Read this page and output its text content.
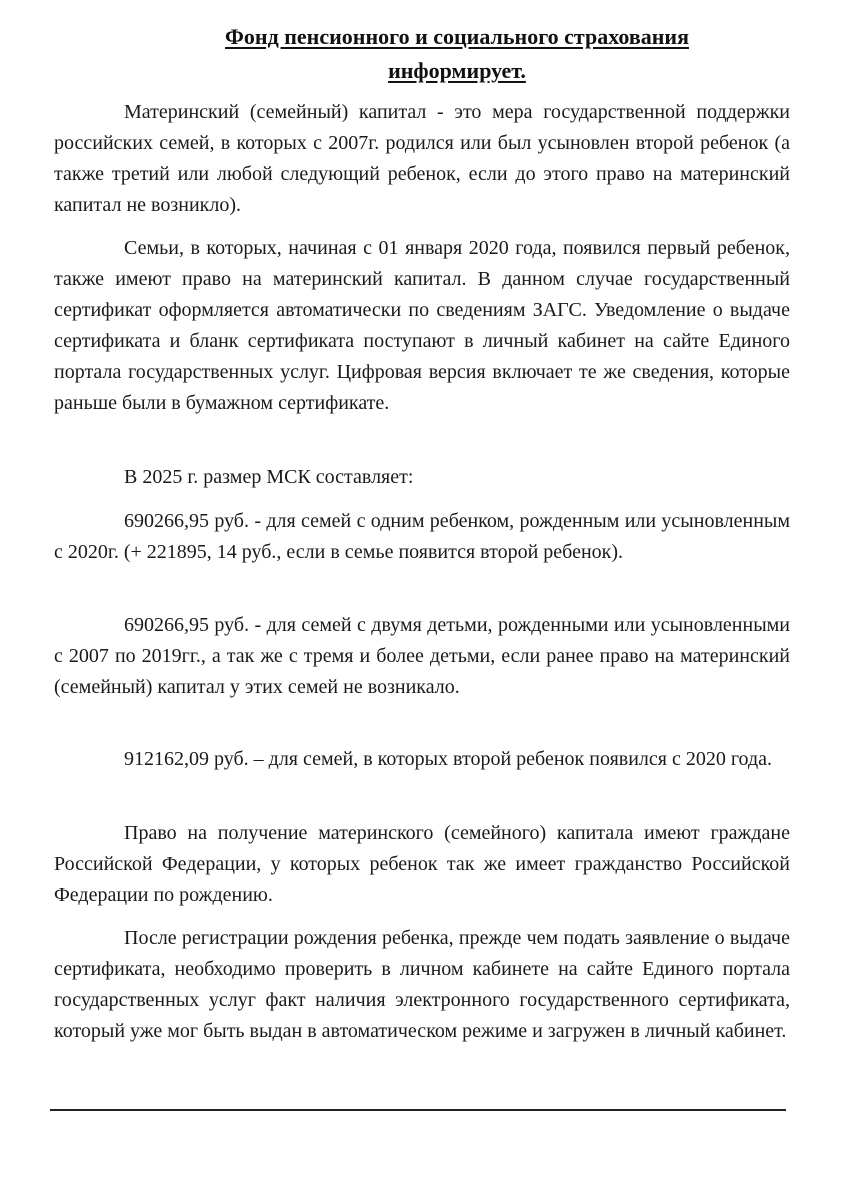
Фонд пенсионного и социального страхования
информирует.

Материнский (семейный) капитал - это мера государственной поддержки российских семей, в которых с 2007г. родился или был усыновлен второй ребенок (а также третий или любой следующий ребенок, если до этого право на материнский капитал не возникло).

Семьи, в которых, начиная с 01 января 2020 года, появился первый ребенок, также имеют право на материнский капитал. В данном случае государственный сертификат оформляется автоматически по сведениям ЗАГС. Уведомление о выдаче сертификата и бланк сертификата поступают в личный кабинет на сайте Единого портала государственных услуг. Цифровая версия включает те же сведения, которые раньше были в бумажном сертификате.

В 2025 г. размер МСК составляет:

690266,95 руб. - для семей с одним ребенком, рожденным или усыновленным с 2020г. (+ 221895, 14 руб., если в семье появится второй ребенок).

690266,95 руб. - для семей с двумя детьми, рожденными или усыновленными с 2007 по 2019гг., а так же с тремя и более детьми, если ранее право на материнский (семейный) капитал у этих семей не возникало.

912162,09 руб. – для семей, в которых второй ребенок появился с 2020 года.

Право на получение материнского (семейного) капитала имеют граждане Российской Федерации, у которых ребенок так же имеет гражданство Российской Федерации по рождению.

После регистрации рождения ребенка, прежде чем подать заявление о выдаче сертификата, необходимо проверить в личном кабинете на сайте Единого портала государственных услуг факт наличия электронного государственного сертификата, который уже мог быть выдан в автоматическом режиме и загружен в личный кабинет.
